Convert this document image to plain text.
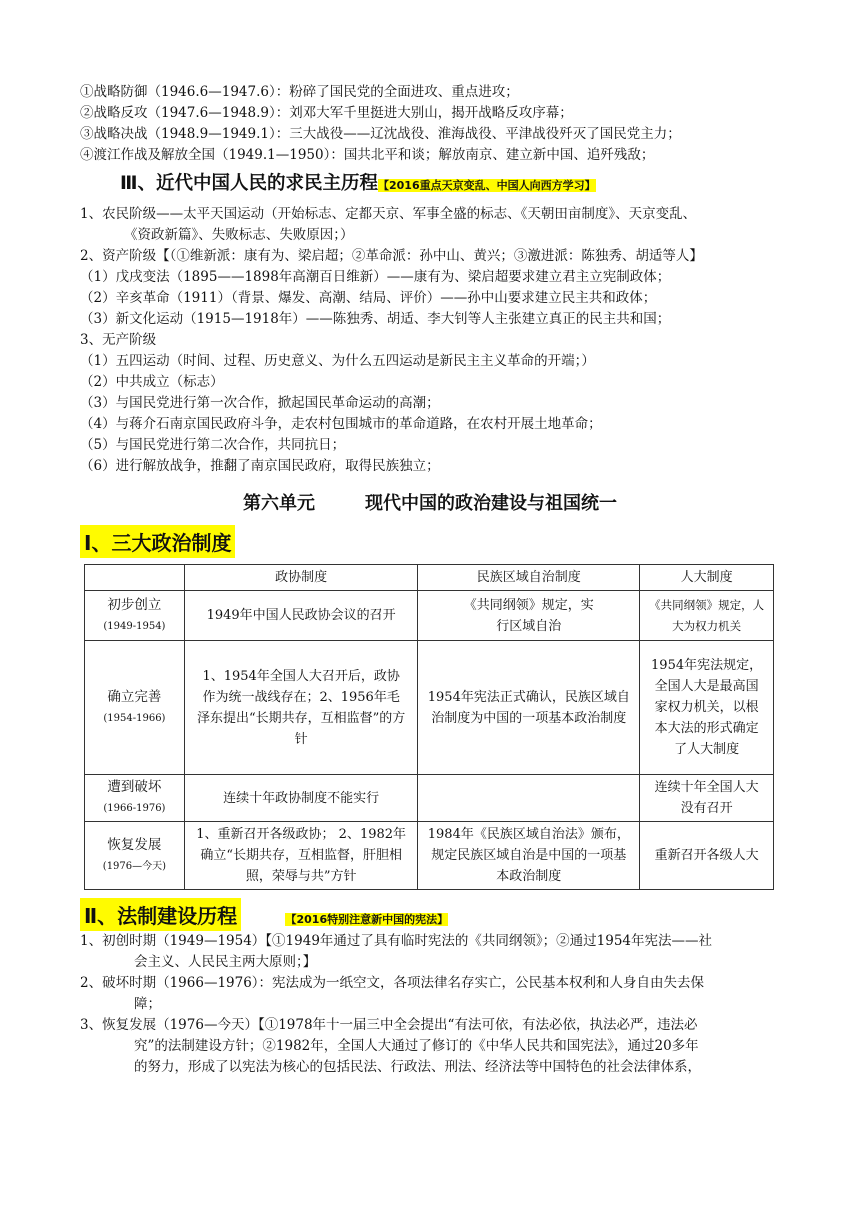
①战略防御（1946.6—1947.6）：粉碎了国民党的全面进攻、重点进攻；
②战略反攻（1947.6—1948.9）：刘邓大军千里挺进大别山，揭开战略反攻序幕；
③战略决战（1948.9—1949.1）：三大战役——辽沈战役、淮海战役、平津战役歼灭了国民党主力；
④渡江作战及解放全国（1949.1—1950）：国共北平和谈；解放南京、建立新中国、追歼残敌；
Ⅲ、近代中国人民的求民主历程【2016重点天京变乱、中国人向西方学习】
1、农民阶级——太平天国运动（开始标志、定都天京、军事全盛的标志、《天朝田亩制度》、天京变乱、
《资政新篇》、失败标志、失败原因；）
2、资产阶级【（①维新派：康有为、梁启超；②革命派：孙中山、黄兴；③激进派：陈独秀、胡适等人】
（1）戊戌变法（1895——1898年高潮百日维新）——康有为、梁启超要求建立君主立宪制政体；
（2）辛亥革命（1911）（背景、爆发、高潮、结局、评价）——孙中山要求建立民主共和政体；
（3）新文化运动（1915—1918年）——陈独秀、胡适、李大钊等人主张建立真正的民主共和国；
3、无产阶级
（1）五四运动（时间、过程、历史意义、为什么五四运动是新民主主义革命的开端；）
（2）中共成立（标志）
（3）与国民党进行第一次合作，掀起国民革命运动的高潮；
（4）与蒋介石南京国民政府斗争，走农村包围城市的革命道路，在农村开展土地革命；
（5）与国民党进行第二次合作，共同抗日；
（6）进行解放战争，推翻了南京国民政府，取得民族独立；
第六单元	现代中国的政治建设与祖国统一
Ⅰ、三大政治制度
	政协制度	民族区域自治制度	人大制度

初步创立
(1949-1954)	1949年中国人民政协会议的召开	《共同纲领》规定，实行区域自治	《共同纲领》规定，人大为权力机关

确立完善
(1954-1966)	1、1954年全国人大召开后，政协作为统一战线存在；2、1956年毛泽东提出“长期共存，互相监督”的方针	1954年宪法正式确认，民族区域自治制度为中国的一项基本政治制度	1954年宪法规定，全国人大是最高国家权力机关，以根本大法的形式确定了人大制度

遭到破坏
(1966-1976)	连续十年政协制度不能实行		连续十年全国人大没有召开

恢复发展
(1976—今天)	1、重新召开各级政协； 2、1982年确立“长期共存，互相监督，肝胆相照，荣辱与共”方针	1984年《民族区域自治法》颁布，规定民族区域自治是中国的一项基本政治制度	重新召开各级人大
Ⅱ、法制建设历程	【2016特别注意新中国的宪法】
1、初创时期（1949—1954）【①1949年通过了具有临时宪法的《共同纲领》；②通过1954年宪法——社
会主义、人民民主两大原则；】
2、破坏时期（1966—1976）：宪法成为一纸空文，各项法律名存实亡，公民基本权利和人身自由失去保
障；
3、恢复发展（1976—今天）【①1978年十一届三中全会提出“有法可依，有法必依，执法必严，违法必
究”的法制建设方针；②1982年，全国人大通过了修订的《中华人民共和国宪法》，通过20多年
的努力，形成了以宪法为核心的包括民法、行政法、刑法、经济法等中国特色的社会法律体系，
